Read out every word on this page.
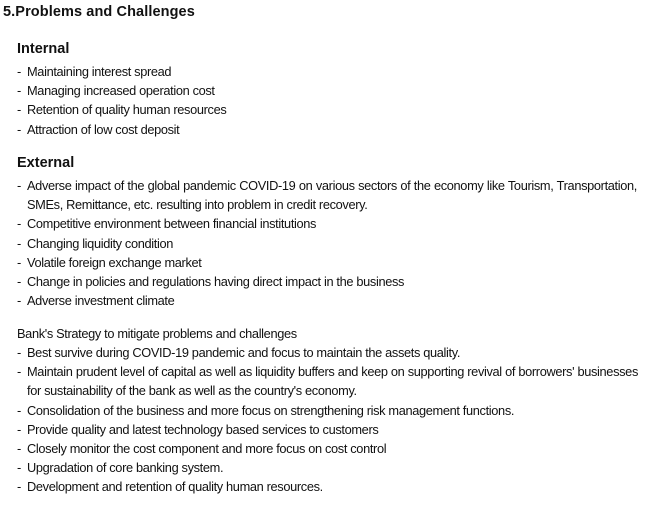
5.Problems and Challenges
Internal
- Maintaining interest spread
- Managing increased operation cost
- Retention of quality human resources
- Attraction of low cost deposit
External
- Adverse impact of the global pandemic COVID-19 on various sectors of the economy like Tourism, Transportation, SMEs, Remittance, etc. resulting into problem in credit recovery.
- Competitive environment between financial institutions
- Changing liquidity condition
- Volatile foreign exchange market
- Change in policies and regulations having direct impact in the business
- Adverse investment climate
Bank's Strategy to mitigate problems and challenges
- Best survive during COVID-19 pandemic and focus to maintain the assets quality.
- Maintain prudent level of capital as well as liquidity buffers and keep on supporting revival of borrowers' businesses for sustainability of the bank as well as the country's economy.
- Consolidation of the business and more focus on strengthening risk management functions.
- Provide quality and latest technology based services to customers
- Closely monitor the cost component and more focus on cost control
- Upgradation of core banking system.
- Development and retention of quality human resources.
